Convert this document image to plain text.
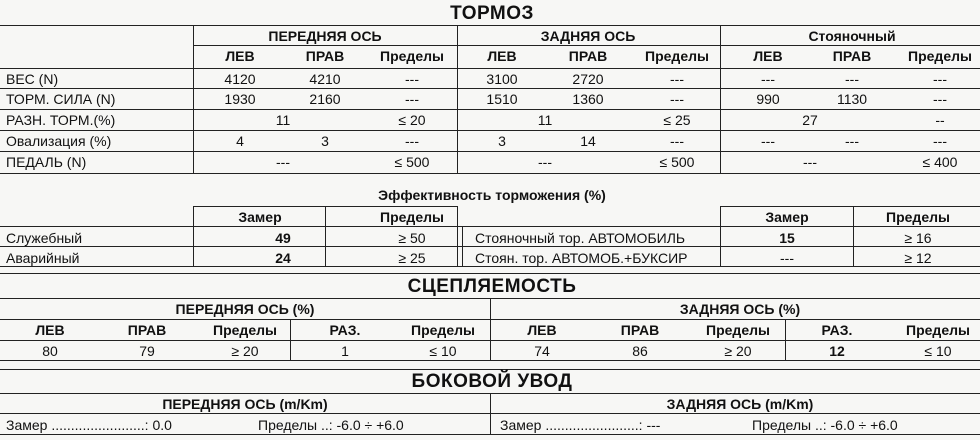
ТОРМОЗ
ПЕРЕДНЯЯ ОСЬ	ЗАДНЯЯ ОСЬ	Стояночный
ЛЕВ	ПРАВ	Пределы	ЛЕВ	ПРАВ	Пределы	ЛЕВ	ПРАВ	Пределы
ВЕС (N)	4120	4210	---	3100	2720	---	---	---	---
ТОРМ. СИЛА (N)	1930	2160	---	1510	1360	---	990	1130	---
РАЗН. ТОРМ.(%)	11	≤ 20	11	≤ 25	27	--
Овализация (%)	4	3	---	3	14	---	---	---	---
ПЕДАЛЬ (N)	---	≤ 500	---	≤ 500	---	≤ 400
Эффективность торможения (%)
Замер	Пределы	Замер	Пределы
Служебный	49	≥ 50	Стояночный тор. АВТОМОБИЛЬ	15	≥ 16
Аварийный	24	≥ 25	Стоян. тор. АВТОМОБ.+БУКСИР	---	≥ 12
СЦЕПЛЯЕМОСТЬ
ПЕРЕДНЯЯ ОСЬ (%)	ЗАДНЯЯ ОСЬ (%)
ЛЕВ	ПРАВ	Пределы	РАЗ.	Пределы	ЛЕВ	ПРАВ	Пределы	РАЗ.	Пределы
80	79	≥ 20	1	≤ 10	74	86	≥ 20	12	≤ 10
БОКОВОЙ УВОД
ПЕРЕДНЯЯ ОСЬ (m/Km)	ЗАДНЯЯ ОСЬ (m/Km)
Замер ........................: 0.0	Пределы ..: -6.0 ÷ +6.0	Замер ........................: ---	Пределы ..: -6.0 ÷ +6.0
